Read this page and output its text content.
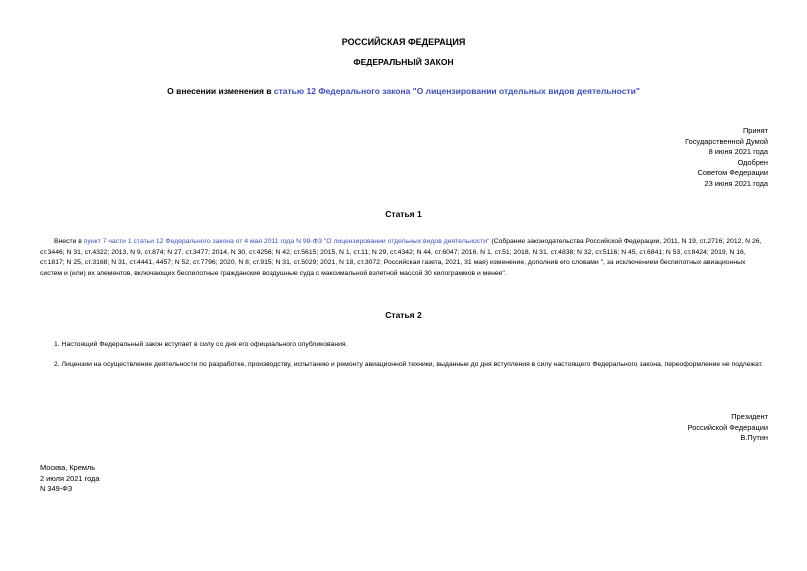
РОССИЙСКАЯ ФЕДЕРАЦИЯ
ФЕДЕРАЛЬНЫЙ ЗАКОН
О внесении изменения в статью 12 Федерального закона "О лицензировании отдельных видов деятельности"
Принят
Государственной Думой
8 июня 2021 года
Одобрен
Советом Федерации
23 июня 2021 года
Статья 1
Внести в пункт 7 части 1 статьи 12 Федерального закона от 4 мая 2011 года N 99-ФЗ "О лицензировании отдельных видов деятельности" (Собрание законодательства Российской Федерации, 2011, N 19, ст.2716; 2012, N 26, ст.3446; N 31, ст.4322; 2013, N 9, ст.874; N 27, ст.3477; 2014, N 30, ст.4256; N 42, ст.5615; 2015, N 1, ст.11; N 29, ст.4342; N 44, ст.6047; 2016, N 1, ст.51; 2018, N 31, ст.4838; N 32, ст.5116; N 45, ст.6841; N 53, ст.8424; 2019, N 16, ст.1817; N 25, ст.3168; N 31, ст.4441, 4457; N 52, ст.7796; 2020, N 8, ст.915; N 31, ст.5029; 2021, N 18, ст.3072; Российская газета, 2021, 31 мая) изменение, дополнив его словами ", за исключением беспилотных авиационных систем и (или) их элементов, включающих беспилотные гражданские воздушные суда с максимальной взлетной массой 30 килограммов и менее".
Статья 2
1. Настоящий Федеральный закон вступает в силу со дня его официального опубликования.
2. Лицензии на осуществление деятельности по разработке, производству, испытанию и ремонту авиационной техники, выданные до дня вступления в силу настоящего Федерального закона, переоформление не подлежат.
Президент
Российской Федерации
В.Путин
Москва, Кремль
2 июля 2021 года
N 349-ФЗ
